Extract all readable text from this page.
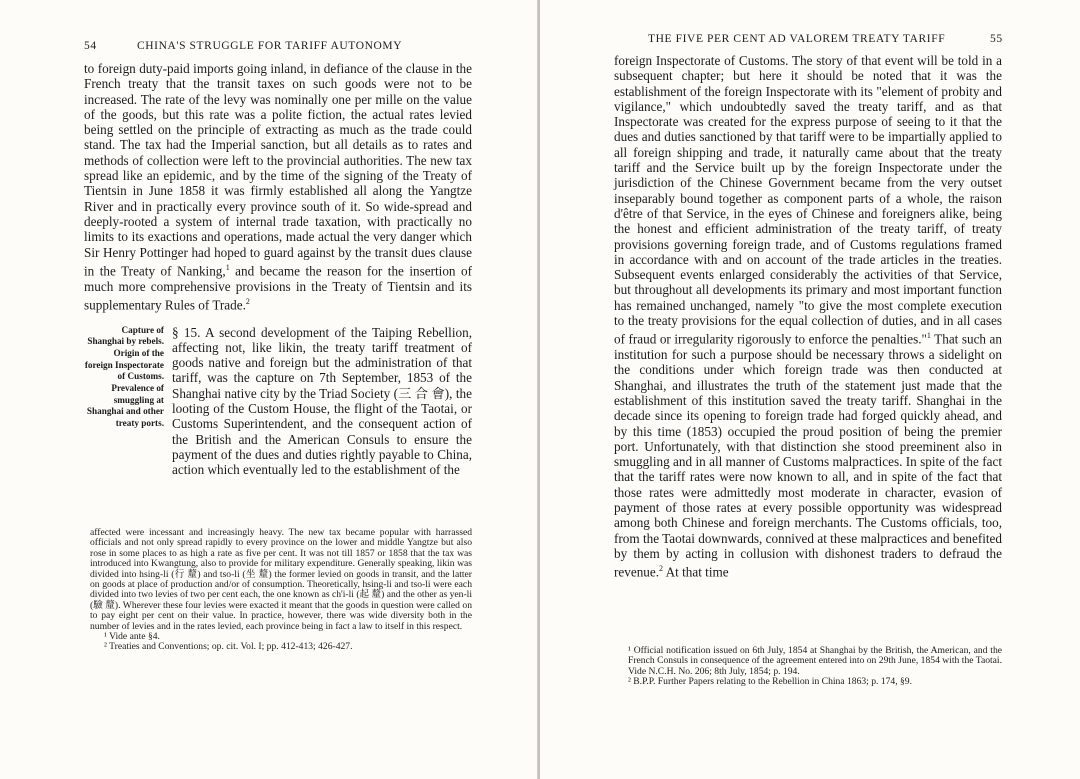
54	CHINA'S STRUGGLE FOR TARIFF AUTONOMY

to foreign duty-paid imports going inland, in defiance of the clause in the French treaty that the transit taxes on such goods were not to be increased. The rate of the levy was nominally one per mille on the value of the goods, but this rate was a polite fiction, the actual rates levied being settled on the principle of extracting as much as the trade could stand. The tax had the Imperial sanction, but all details as to rates and methods of collection were left to the provincial authorities. The new tax spread like an epidemic, and by the time of the signing of the Treaty of Tientsin in June 1858 it was firmly established all along the Yangtze River and in practically every province south of it. So wide-spread and deeply-rooted a system of internal trade taxation, with practically no limits to its exactions and operations, made actual the very danger which Sir Henry Pottinger had hoped to guard against by the transit dues clause in the Treaty of Nanking,$^1$ and became the reason for the insertion of much more comprehensive provisions in the Treaty of Tientsin and its supplementary Rules of Trade.$^2$

Capture of Shanghai by rebels. Origin of the foreign Inspectorate of Customs. Prevalence of smuggling at Shanghai and other treaty ports.
§ 15. A second development of the Taiping Rebellion, affecting not, like likin, the treaty tariff treatment of goods native and foreign but the administration of that tariff, was the capture on 7th September, 1853 of the Shanghai native city by the Triad Society (三 合 會), the looting of the Custom House, the flight of the Taotai, or Customs Superintendent, and the consequent action of the British and the American Consuls to ensure the payment of the dues and duties rightly payable to China, action which eventually led to the establishment of the

affected were incessant and increasingly heavy. The new tax became popular with harrassed officials and not only spread rapidly to every province on the lower and middle Yangtze but also rose in some places to as high a rate as five per cent. It was not till 1857 or 1858 that the tax was introduced into Kwangtung, also to provide for military expenditure. Generally speaking, likin was divided into hsing-li (行 釐) and tso-li (坐 釐) the former levied on goods in transit, and the latter on goods at place of production and/or of consumption. Theoretically, hsing-li and tso-li were each divided into two levies of two per cent each, the one known as ch'i-li (起 釐) and the other as yen-li (驗 釐). Wherever these four levies were exacted it meant that the goods in question were called on to pay eight per cent on their value. In practice, however, there was wide diversity both in the number of levies and in the rates levied, each province being in fact a law to itself in this respect.

¹ Vide ante §4.

² Treaties and Conventions; op. cit. Vol. I; pp. 412-413; 426-427.

THE FIVE PER CENT AD VALOREM TREATY TARIFF	55

foreign Inspectorate of Customs. The story of that event will be told in a subsequent chapter; but here it should be noted that it was the establishment of the foreign Inspectorate with its "element of probity and vigilance," which undoubtedly saved the treaty tariff, and as that Inspectorate was created for the express purpose of seeing to it that the dues and duties sanctioned by that tariff were to be impartially applied to all foreign shipping and trade, it naturally came about that the treaty tariff and the Service built up by the foreign Inspectorate under the jurisdiction of the Chinese Government became from the very outset inseparably bound together as component parts of a whole, the raison d'être of that Service, in the eyes of Chinese and foreigners alike, being the honest and efficient administration of the treaty tariff, of treaty provisions governing foreign trade, and of Customs regulations framed in accordance with and on account of the trade articles in the treaties. Subsequent events enlarged considerably the activities of that Service, but throughout all developments its primary and most important function has remained unchanged, namely "to give the most complete execution to the treaty provisions for the equal collection of duties, and in all cases of fraud or irregularity rigorously to enforce the penalties."$^1$ That such an institution for such a purpose should be necessary throws a sidelight on the conditions under which foreign trade was then conducted at Shanghai, and illustrates the truth of the statement just made that the establishment of this institution saved the treaty tariff. Shanghai in the decade since its opening to foreign trade had forged quickly ahead, and by this time (1853) occupied the proud position of being the premier port. Unfortunately, with that distinction she stood preeminent also in smuggling and in all manner of Customs malpractices. In spite of the fact that the tariff rates were now known to all, and in spite of the fact that those rates were admittedly most moderate in character, evasion of payment of those rates at every possible opportunity was widespread among both Chinese and foreign merchants. The Customs officials, too, from the Taotai downwards, connived at these malpractices and benefited by them by acting in collusion with dishonest traders to defraud the revenue.$^2$ At that time

¹ Official notification issued on 6th July, 1854 at Shanghai by the British, the American, and the French Consuls in consequence of the agreement entered into on 29th June, 1854 with the Taotai. Vide N.C.H. No. 206; 8th July, 1854; p. 194.

² B.P.P. Further Papers relating to the Rebellion in China 1863; p. 174, §9.
